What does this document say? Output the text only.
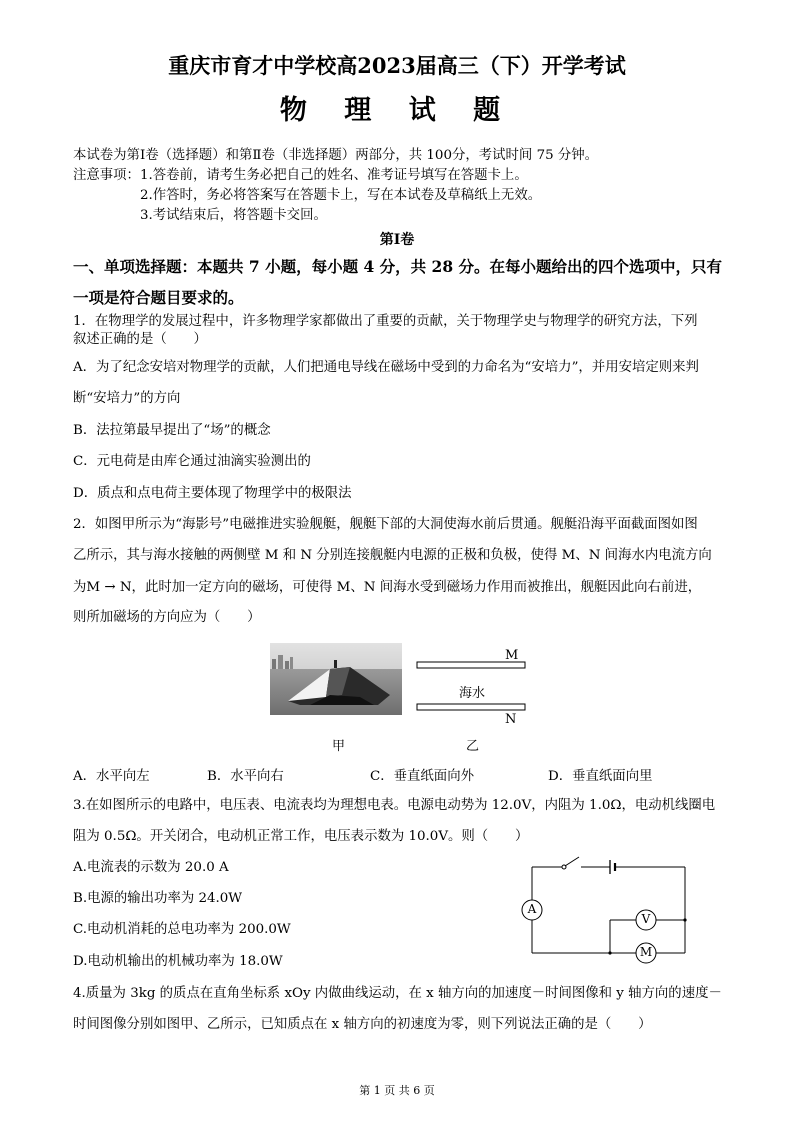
重庆市育才中学校高2023届高三（下）开学考试
物 理 试 题
本试卷为第Ⅰ卷（选择题）和第Ⅱ卷（非选择题）两部分，共 100分，考试时间 75 分钟。
注意事项： 1.答卷前，请考生务必把自己的姓名、准考证号填写在答题卡上。
2.作答时，务必将答案写在答题卡上，写在本试卷及草稿纸上无效。
3.考试结束后，将答题卡交回。
第Ⅰ卷
一、单项选择题：本题共 7 小题，每小题 4 分，共 28 分。在每小题给出的四个选项中，只有
一项是符合题目要求的。
1．在物理学的发展过程中，许多物理学家都做出了重要的贡献，关于物理学史与物理学的研究方法，下列
叙述正确的是（　　）
A．为了纪念安培对物理学的贡献，人们把通电导线在磁场中受到的力命名为“安培力”，并用安培定则来判
断“安培力”的方向
B．法拉第最早提出了“场”的概念
C．元电荷是由库仑通过油滴实验测出的
D．质点和点电荷主要体现了物理学中的极限法
2．如图甲所示为“海影号”电磁推进实验舰艇，舰艇下部的大洞使海水前后贯通。舰艇沿海平面截面图如图
乙所示，其与海水接触的两侧壁 M 和 N 分别连接舰艇内电源的正极和负极，使得 M、N 间海水内电流方向
为M → N，此时加一定方向的磁场，可使得 M、N 间海水受到磁场力作用而被推出，舰艇因此向右前进，
则所加磁场的方向应为（　　）
甲
M
海水
N
乙
A．水平向左	B．水平向右	C．垂直纸面向外	D．垂直纸面向里
3.在如图所示的电路中，电压表、电流表均为理想电表。电源电动势为 12.0V，内阻为 1.0Ω，电动机线圈电
阻为 0.5Ω。开关闭合，电动机正常工作，电压表示数为 10.0V。则（　　）
A.电流表的示数为 20.0 A
B.电源的输出功率为 24.0W
C.电动机消耗的总电功率为 200.0W
D.电动机输出的机械功率为 18.0W
A
V
M
4.质量为 3kg 的质点在直角坐标系 xOy 内做曲线运动，在 x 轴方向的加速度－时间图像和 y 轴方向的速度－
时间图像分别如图甲、乙所示，已知质点在 x 轴方向的初速度为零，则下列说法正确的是（　　）
第 1 页 共 6 页
